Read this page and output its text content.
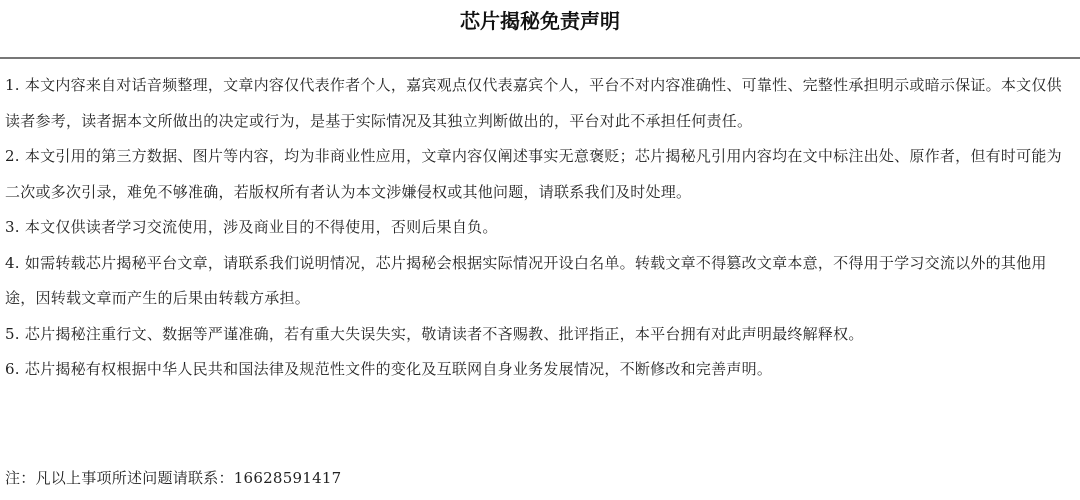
芯片揭秘免责声明

1. 本文内容来自对话音频整理，文章内容仅代表作者个人，嘉宾观点仅代表嘉宾个人，平台不对内容准确性、可靠性、完整性承担明示或暗示保证。本文仅供读者参考，读者据本文所做出的决定或行为，是基于实际情况及其独立判断做出的，平台对此不承担任何责任。

2. 本文引用的第三方数据、图片等内容，均为非商业性应用，文章内容仅阐述事实无意褒贬；芯片揭秘凡引用内容均在文中标注出处、原作者，但有时可能为二次或多次引录，难免不够准确，若版权所有者认为本文涉嫌侵权或其他问题，请联系我们及时处理。

3. 本文仅供读者学习交流使用，涉及商业目的不得使用，否则后果自负。

4. 如需转载芯片揭秘平台文章，请联系我们说明情况，芯片揭秘会根据实际情况开设白名单。转载文章不得篡改文章本意，不得用于学习交流以外的其他用途，因转载文章而产生的后果由转载方承担。

5. 芯片揭秘注重行文、数据等严谨准确，若有重大失误失实，敬请读者不吝赐教、批评指正，本平台拥有对此声明最终解释权。

6. 芯片揭秘有权根据中华人民共和国法律及规范性文件的变化及互联网自身业务发展情况，不断修改和完善声明。

注：凡以上事项所述问题请联系：16628591417
